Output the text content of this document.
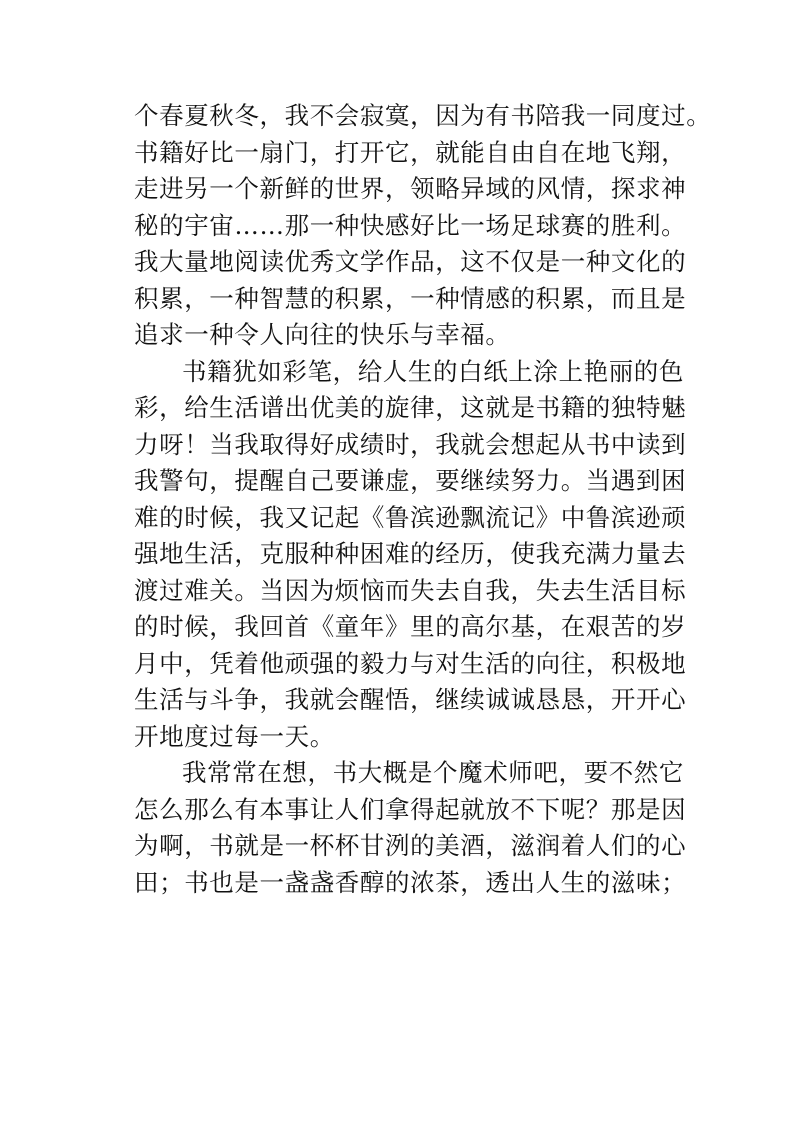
个春夏秋冬，我不会寂寞，因为有书陪我一同度过。
书籍好比一扇门，打开它，就能自由自在地飞翔，
走进另一个新鲜的世界，领略异域的风情，探求神
秘的宇宙……那一种快感好比一场足球赛的胜利。
我大量地阅读优秀文学作品，这不仅是一种文化的
积累，一种智慧的积累，一种情感的积累，而且是
追求一种令人向往的快乐与幸福。
书籍犹如彩笔，给人生的白纸上涂上艳丽的色
彩，给生活谱出优美的旋律，这就是书籍的独特魅
力呀！当我取得好成绩时，我就会想起从书中读到
我警句，提醒自己要谦虚，要继续努力。当遇到困
难的时候，我又记起《鲁滨逊飘流记》中鲁滨逊顽
强地生活，克服种种困难的经历，使我充满力量去
渡过难关。当因为烦恼而失去自我，失去生活目标
的时候，我回首《童年》里的高尔基，在艰苦的岁
月中，凭着他顽强的毅力与对生活的向往，积极地
生活与斗争，我就会醒悟，继续诚诚恳恳，开开心
开地度过每一天。
我常常在想，书大概是个魔术师吧，要不然它
怎么那么有本事让人们拿得起就放不下呢？那是因
为啊，书就是一杯杯甘洌的美酒，滋润着人们的心
田；书也是一盏盏香醇的浓茶，透出人生的滋味；
